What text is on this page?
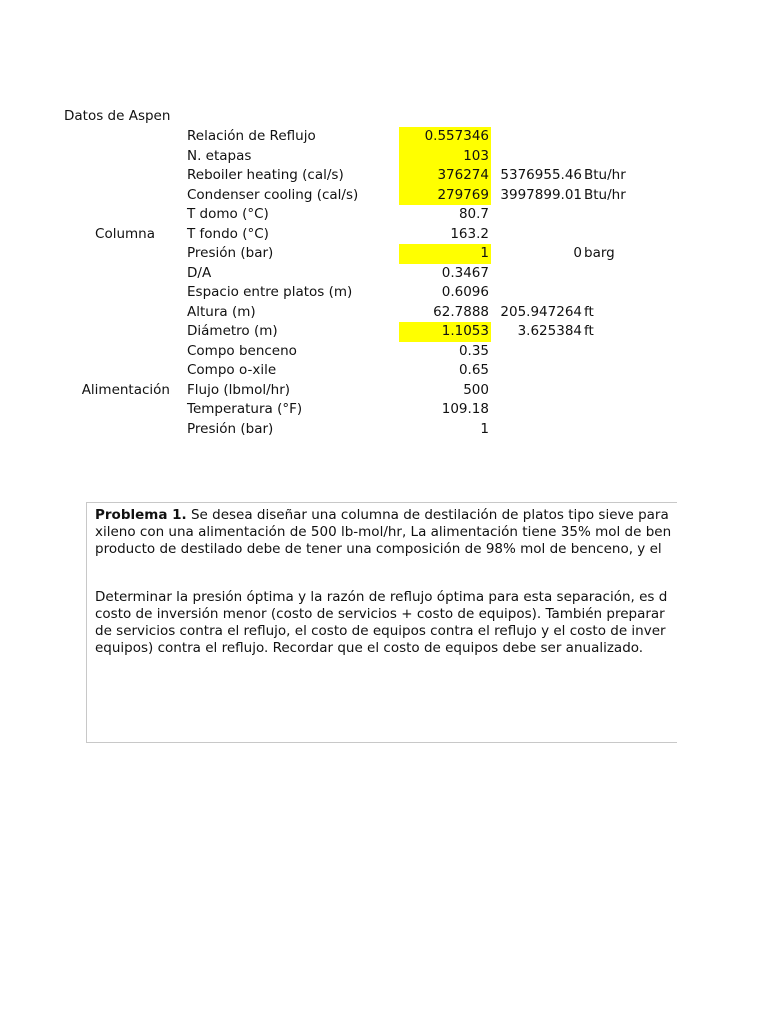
Datos de Aspen
Relación de Reflujo	0.557346
N. etapas	103
Reboiler heating (cal/s)	376274 5376955.46 Btu/hr
Condenser cooling (cal/s)	279769 3997899.01 Btu/hr
T domo (°C)	80.7
Columna T fondo (°C)	163.2
Presión (bar)	1	0 barg
D/A	0.3467
Espacio entre platos (m)	0.6096
Altura (m)	62.7888 205.947264 ft
Diámetro (m)	1.1053	3.625384 ft
Compo benceno	0.35
Compo o-xile	0.65
Alimentación Flujo (lbmol/hr)	500
Temperatura (°F)	109.18
Presión (bar)	1
Problema 1. Se desea diseñar una columna de destilación de platos tipo sieve para
xileno con una alimentación de 500 lb-mol/hr, La alimentación tiene 35% mol de ben
producto de destilado debe de tener una composición de 98% mol de benceno, y el
Determinar la presión óptima y la razón de reflujo óptima para esta separación, es d
costo de inversión menor (costo de servicios + costo de equipos). También preparar
de servicios contra el reflujo, el costo de equipos contra el reflujo y el costo de inver
equipos) contra el reflujo. Recordar que el costo de equipos debe ser anualizado.
